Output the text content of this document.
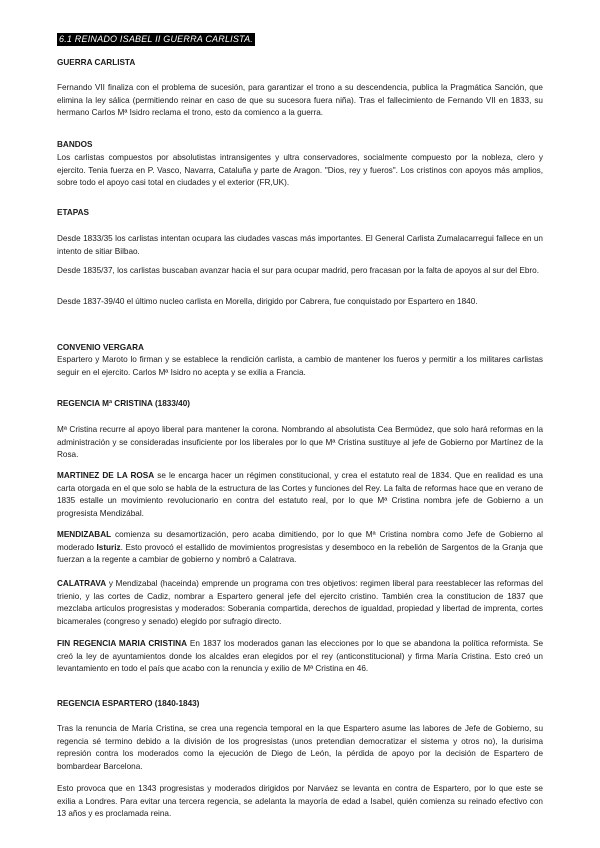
6.1 REINADO ISABEL II GUERRA CARLISTA.
GUERRA CARLISTA

Fernando VII finaliza con el problema de sucesión, para garantizar el trono a su descendencia, publica la Pragmática Sanción, que elimina la ley sálica (permitiendo reinar en caso de que su sucesora fuera niña). Tras el fallecimiento de Fernando VII en 1833, su hermano Carlos Mª Isidro reclama el trono, esto da comienco a la guerra.

BANDOS

Los carlistas compuestos por absolutistas intransigentes y ultra conservadores, socialmente compuesto por la nobleza, clero y ejercito. Tenia fuerza en P. Vasco, Navarra, Cataluña y parte de Aragon. "Dios, rey y fueros". Los cristinos con apoyos más amplios, sobre todo el apoyo casi total en ciudades y el exterior (FR,UK).

ETAPAS

Desde 1833/35 los carlistas intentan ocupara las ciudades vascas más importantes. El General Carlista Zumalacarregui fallece en un intento de sitiar Bilbao.

Desde 1835/37, los carlistas buscaban avanzar hacia el sur para ocupar madrid, pero fracasan por la falta de apoyos al sur del Ebro.

Desde 1837-39/40 el último nucleo carlista en Morella, dirigido por Cabrera, fue conquistado por Espartero en 1840.

CONVENIO VERGARA

Espartero y Maroto lo firman y se establece la rendición carlista, a cambio de mantener los fueros y permitir a los militares carlistas seguir en el ejercito. Carlos Mª Isidro no acepta y se exilia a Francia.

REGENCIA Mª CRISTINA (1833/40)

Mª Cristina recurre al apoyo liberal para mantener la corona. Nombrando al absolutista Cea Bermúdez, que solo hará reformas en la administración y se consideradas insuficiente por los liberales por lo que Mª Cristina sustituye al jefe de Gobierno por Martínez de la Rosa.

MARTINEZ DE LA ROSA se le encarga hacer un régimen constitucional, y crea el estatuto real de 1834. Que en realidad es una carta otorgada en el que solo se habla de la estructura de las Cortes y funciones del Rey. La falta de reformas hace que en verano de 1835 estalle un movimiento revolucionario en contra del estatuto real, por lo que Mª Cristina nombra jefe de Gobierno a un progresista Mendizábal.

MENDIZABAL comienza su desamortización, pero acaba dimitiendo, por lo que Mª Cristina nombra como Jefe de Gobierno al moderado Isturiz. Esto provocó el estallido de movimientos progresistas y desemboco en la rebelión de Sargentos de la Granja que fuerzan a la regente a cambiar de gobierno y nombró a Calatrava.

CALATRAVA y Mendizabal (haceinda) emprende un programa con tres objetivos: regimen liberal para reestablecer las reformas del trienio, y las cortes de Cadiz, nombrar a Espartero general jefe del ejercito cristino. También crea la constitucion de 1837 que mezclaba articulos progresistas y moderados: Soberania compartida, derechos de igualdad, propiedad y libertad de imprenta, cortes bicamerales (congreso y senado) elegido por sufragio directo.

FIN REGENCIA MARIA CRISTINA En 1837 los moderados ganan las elecciones por lo que se abandona la política reformista. Se creó la ley de ayuntamientos donde los alcaldes eran elegidos por el rey (anticonstitucional) y firma María Cristina. Esto creó un levantamiento en todo el país que acabo con la renuncia y exilio de Mª Cristina en 46.

REGENCIA ESPARTERO (1840-1843)

Tras la renuncia de María Cristina, se crea una regencia temporal en la que Espartero asume las labores de Jefe de Gobierno, su regencia sé termino debido a la división de los progresistas (unos pretendian democratizar el sistema y otros no), la durisima represión contra los moderados como la ejecución de Diego de León, la pérdida de apoyo por la decisión de Espartero de bombardear Barcelona.

Esto provoca que en 1343 progresistas y moderados dirigidos por Narváez se levanta en contra de Espartero, por lo que este se exilia a Londres. Para evitar una tercera regencia, se adelanta la mayoría de edad a Isabel, quién comienza su reinado efectivo con 13 años y es proclamada reina.
